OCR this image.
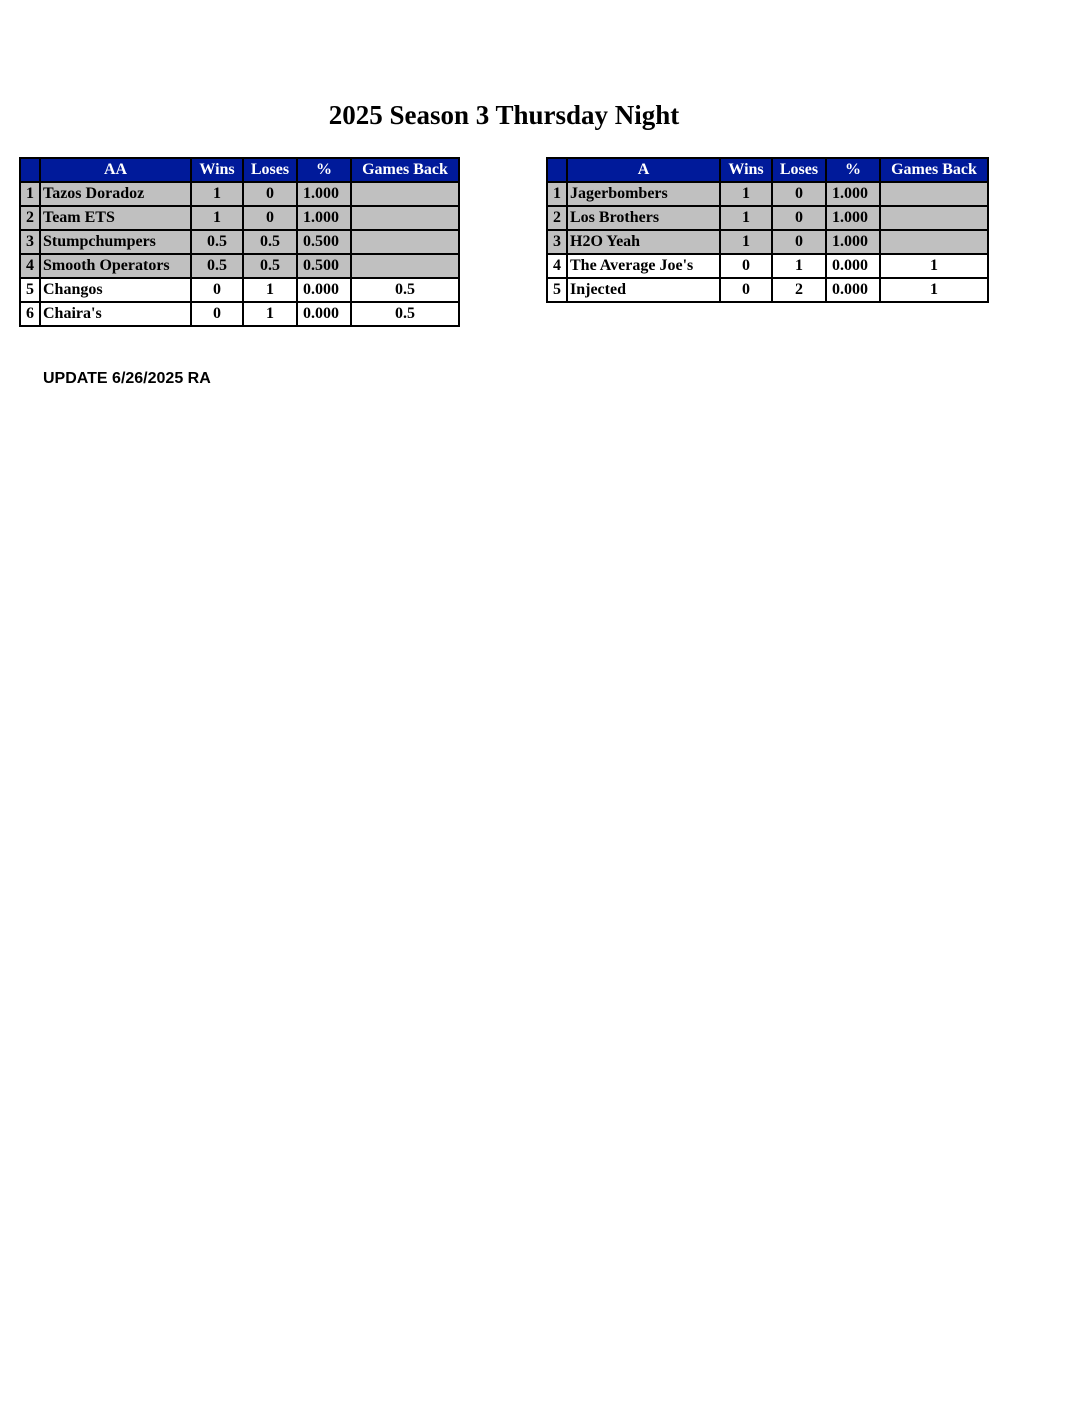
2025 Season 3 Thursday Night
	AA	Wins	Loses	%	Games Back
1	Tazos Doradoz	1	0	1.000	
2	Team ETS	1	0	1.000	
3	Stumpchumpers	0.5	0.5	0.500	
4	Smooth Operators	0.5	0.5	0.500	
5	Changos	0	1	0.000	0.5
6	Chaira's	0	1	0.000	0.5
	A	Wins	Loses	%	Games Back
1	Jagerbombers	1	0	1.000	
2	Los Brothers	1	0	1.000	
3	H2O Yeah	1	0	1.000	
4	The Average Joe's	0	1	0.000	1
5	Injected	0	2	0.000	1
UPDATE 6/26/2025 RA
